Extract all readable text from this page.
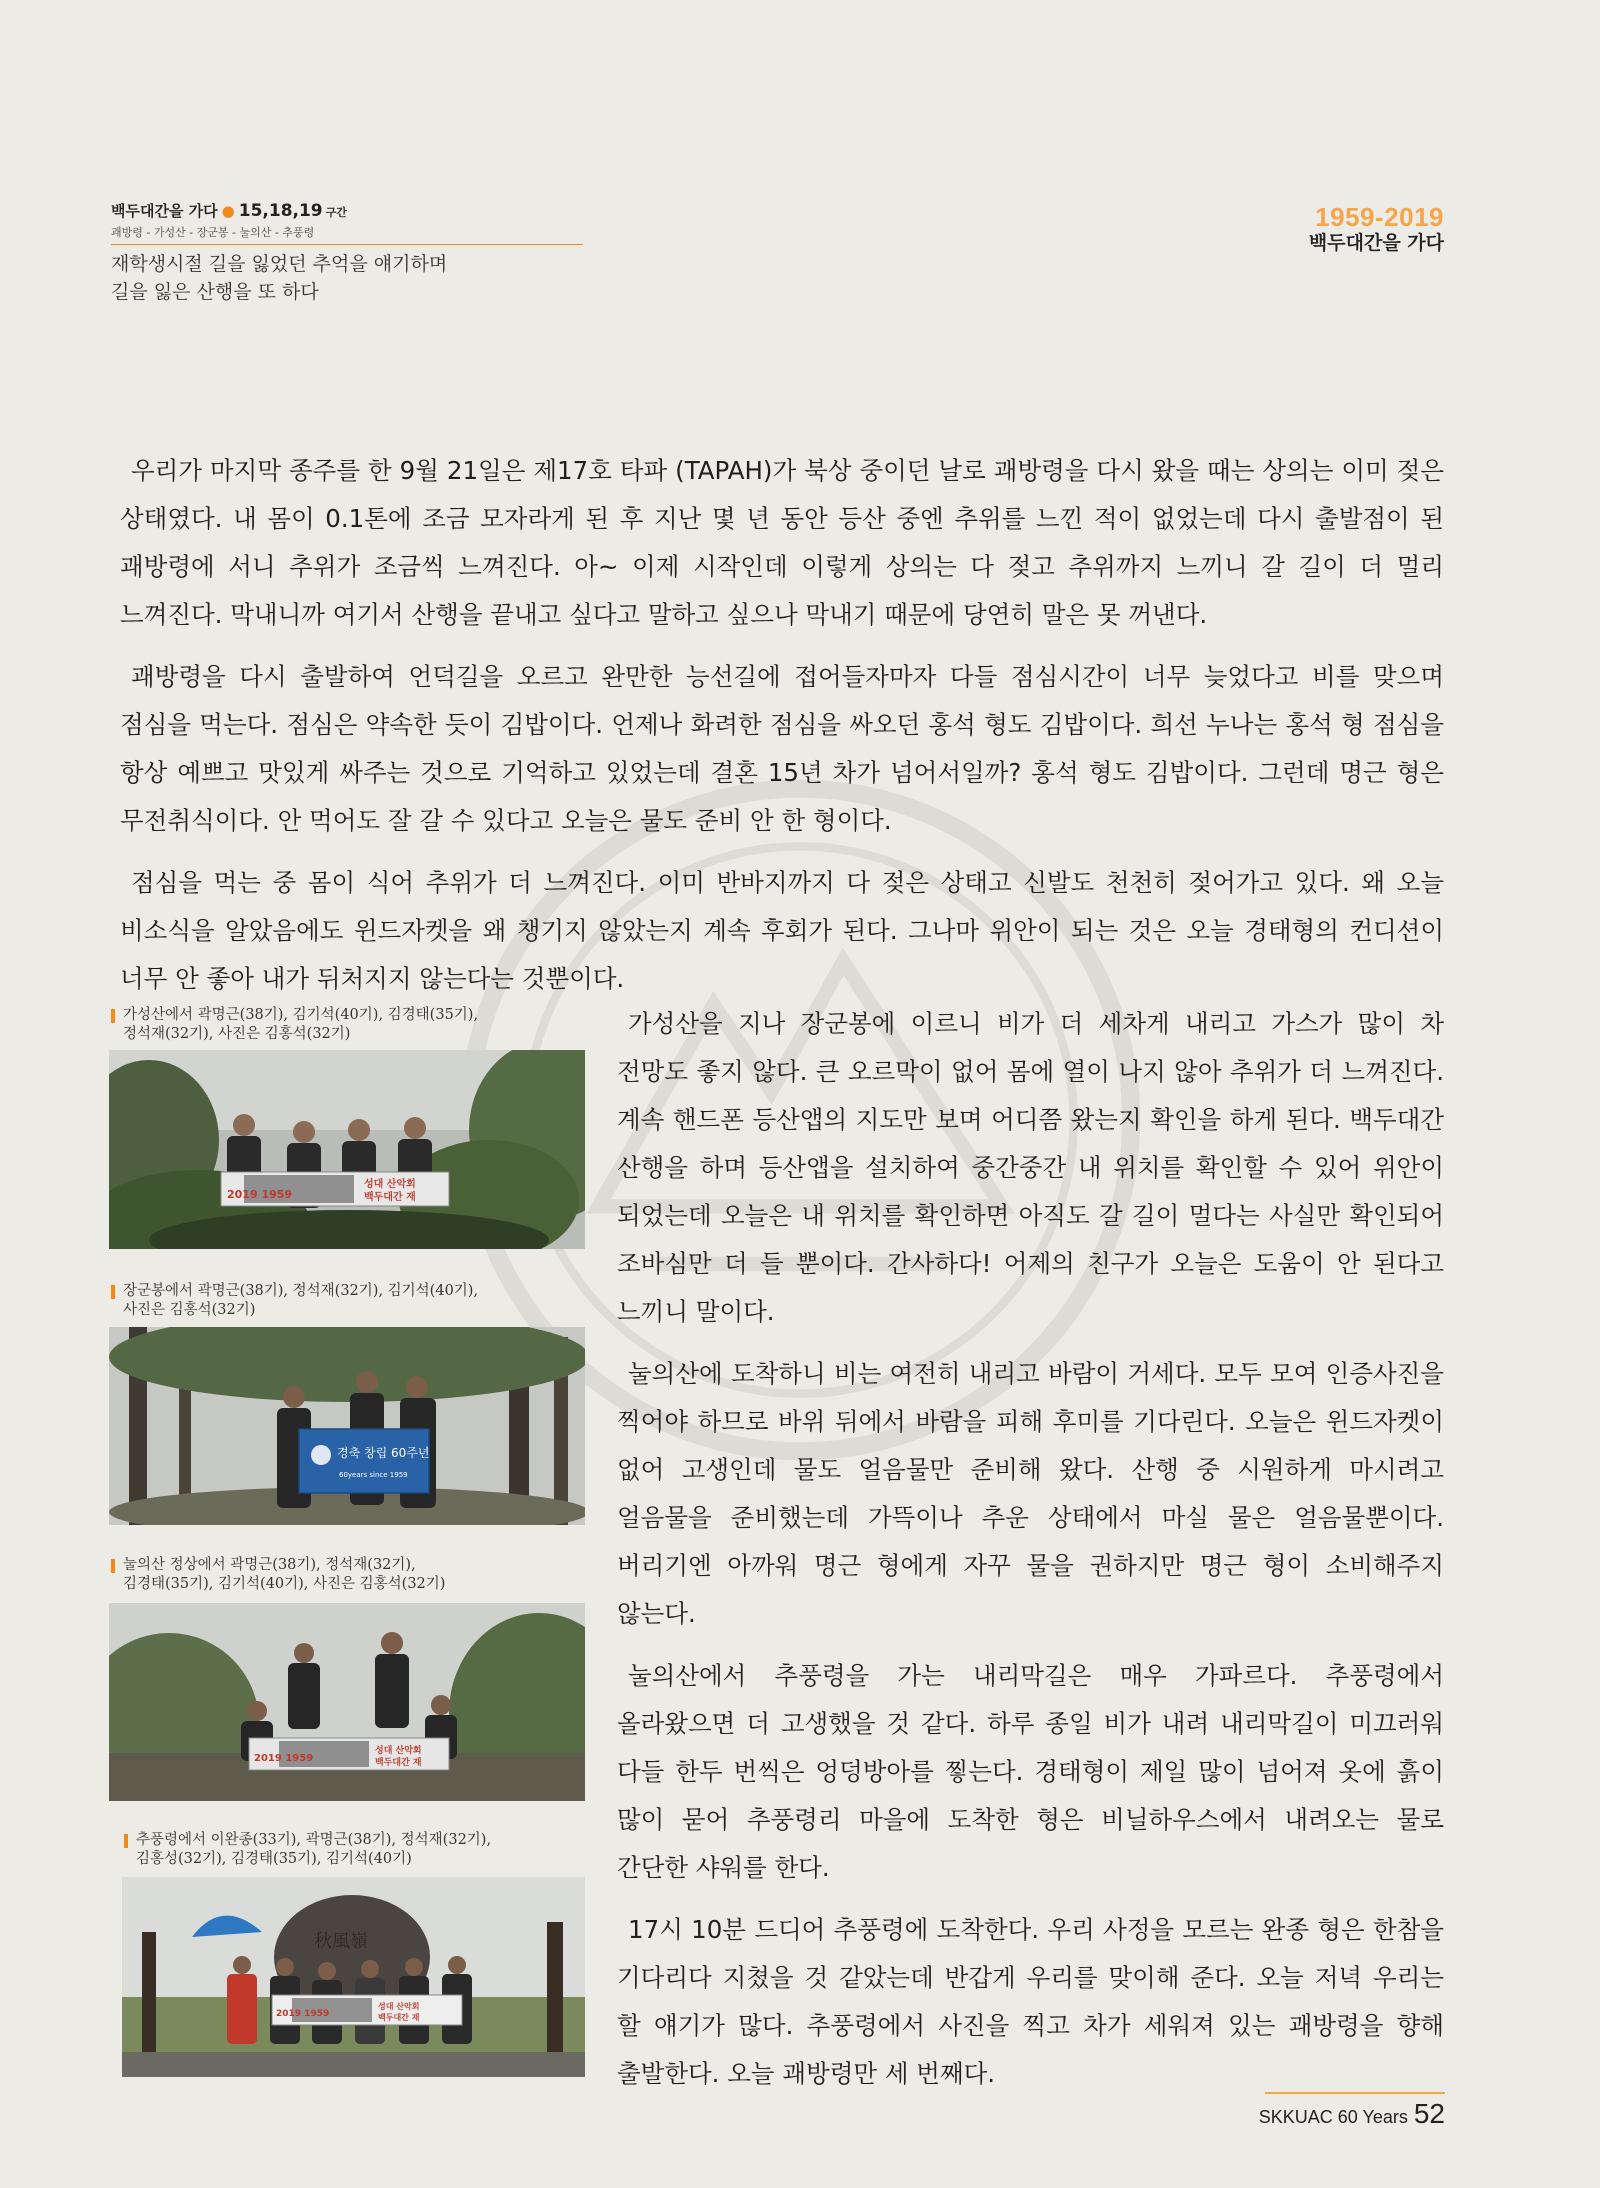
백두대간을 가다 ● 15,18,19 구간
괘방령 - 가성산 - 장군봉 - 눌의산 - 추풍령
재학생시절 길을 잃었던 추억을 얘기하며
길을 잃은 산행을 또 하다
1959-2019
백두대간을 가다

우리가 마지막 종주를 한 9월 21일은 제17호 타파 (TAPAH)가 북상 중이던 날로 괘방령을 다시 왔을 때는 상의는 이미 젖은 상태였다. 내 몸이 0.1톤에 조금 모자라게 된 후 지난 몇 년 동안 등산 중엔 추위를 느낀 적이 없었는데 다시 출발점이 된 괘방령에 서니 추위가 조금씩 느껴진다. 아~ 이제 시작인데 이렇게 상의는 다 젖고 추위까지 느끼니 갈 길이 더 멀리 느껴진다. 막내니까 여기서 산행을 끝내고 싶다고 말하고 싶으나 막내기 때문에 당연히 말은 못 꺼낸다.

괘방령을 다시 출발하여 언덕길을 오르고 완만한 능선길에 접어들자마자 다들 점심시간이 너무 늦었다고 비를 맞으며 점심을 먹는다. 점심은 약속한 듯이 김밥이다. 언제나 화려한 점심을 싸오던 홍석 형도 김밥이다. 희선 누나는 홍석 형 점심을 항상 예쁘고 맛있게 싸주는 것으로 기억하고 있었는데 결혼 15년 차가 넘어서일까? 홍석 형도 김밥이다. 그런데 명근 형은 무전취식이다. 안 먹어도 잘 갈 수 있다고 오늘은 물도 준비 안 한 형이다.

점심을 먹는 중 몸이 식어 추위가 더 느껴진다. 이미 반바지까지 다 젖은 상태고 신발도 천천히 젖어가고 있다. 왜 오늘 비소식을 알았음에도 윈드자켓을 왜 챙기지 않았는지 계속 후회가 된다. 그나마 위안이 되는 것은 오늘 경태형의 컨디션이 너무 안 좋아 내가 뒤처지지 않는다는 것뿐이다.

가성산을 지나 장군봉에 이르니 비가 더 세차게 내리고 가스가 많이 차 전망도 좋지 않다. 큰 오르막이 없어 몸에 열이 나지 않아 추위가 더 느껴진다. 계속 핸드폰 등산앱의 지도만 보며 어디쯤 왔는지 확인을 하게 된다. 백두대간 산행을 하며 등산앱을 설치하여 중간중간 내 위치를 확인할 수 있어 위안이 되었는데 오늘은 내 위치를 확인하면 아직도 갈 길이 멀다는 사실만 확인되어 조바심만 더 들 뿐이다. 간사하다! 어제의 친구가 오늘은 도움이 안 된다고 느끼니 말이다.

눌의산에 도착하니 비는 여전히 내리고 바람이 거세다. 모두 모여 인증사진을 찍어야 하므로 바위 뒤에서 바람을 피해 후미를 기다린다. 오늘은 윈드자켓이 없어 고생인데 물도 얼음물만 준비해 왔다. 산행 중 시원하게 마시려고 얼음물을 준비했는데 가뜩이나 추운 상태에서 마실 물은 얼음물뿐이다. 버리기엔 아까워 명근 형에게 자꾸 물을 권하지만 명근 형이 소비해주지 않는다.

눌의산에서 추풍령을 가는 내리막길은 매우 가파르다. 추풍령에서 올라왔으면 더 고생했을 것 같다. 하루 종일 비가 내려 내리막길이 미끄러워 다들 한두 번씩은 엉덩방아를 찧는다. 경태형이 제일 많이 넘어져 옷에 흙이 많이 묻어 추풍령리 마을에 도착한 형은 비닐하우스에서 내려오는 물로 간단한 샤워를 한다.

17시 10분 드디어 추풍령에 도착한다. 우리 사정을 모르는 완종 형은 한참을 기다리다 지쳤을 것 같았는데 반갑게 우리를 맞이해 준다. 오늘 저녁 우리는 할 얘기가 많다. 추풍령에서 사진을 찍고 차가 세워져 있는 괘방령을 향해 출발한다. 오늘 괘방령만 세 번째다.

가성산에서 곽명근(38기), 김기석(40기), 김경태(35기),
정석재(32기), 사진은 김홍석(32기)
2019 1959
성대 산악회
백두대간 재
장군봉에서 곽명근(38기), 정석재(32기), 김기석(40기),
사진은 김홍석(32기)
경축 창립 60주년
60years since 1959
눌의산 정상에서 곽명근(38기), 정석재(32기),
김경태(35기), 김기석(40기), 사진은 김홍석(32기)
2019 1959
성대 산악회
백두대간 재
추풍령에서 이완종(33기), 곽명근(38기), 정석재(32기),
김홍성(32기), 김경태(35기), 김기석(40기)
秋風嶺
2019 1959
성대 산악회
백두대간 재
SKKUAC 60 Years 52
